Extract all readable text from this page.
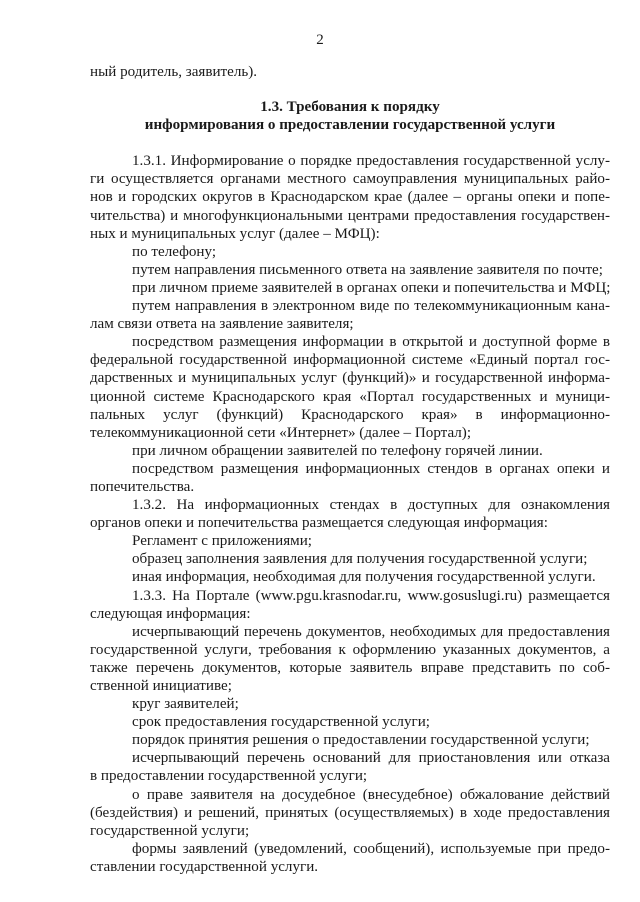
2
ный родитель, заявитель).
1.3. Требования к порядку
информирования о предоставлении государственной услуги
1.3.1. Информирование о порядке предоставления государственной услу-
ги осуществляется органами местного самоуправления муниципальных райо-
нов и городских округов в Краснодарском крае (далее – органы опеки и попе-
чительства) и многофункциональными центрами предоставления государствен-
ных и муниципальных услуг (далее – МФЦ):
по телефону;
путем направления письменного ответа на заявление заявителя по почте;
при личном приеме заявителей в органах опеки и попечительства и МФЦ;
путем направления в электронном виде по телекоммуникационным кана-
лам связи ответа на заявление заявителя;
посредством размещения информации в открытой и доступной форме в
федеральной государственной информационной системе «Единый портал гос-
дарственных и муниципальных услуг (функций)» и государственной информа-
ционной системе Краснодарского края «Портал государственных и муници-
пальных услуг (функций) Краснодарского края» в информационно-
телекоммуникационной сети «Интернет» (далее – Портал);
при личном обращении заявителей по телефону горячей линии.
посредством размещения информационных стендов в органах опеки и
попечительства.
1.3.2. На информационных стендах в доступных для ознакомления
органов опеки и попечительства размещается следующая информация:
Регламент с приложениями;
образец заполнения заявления для получения государственной услуги;
иная информация, необходимая для получения государственной услуги.
1.3.3. На Портале (www.pgu.krasnodar.ru, www.gosuslugi.ru) размещается
следующая информация:
исчерпывающий перечень документов, необходимых для предоставления
государственной услуги, требования к оформлению указанных документов, а
также перечень документов, которые заявитель вправе представить по соб-
ственной инициативе;
круг заявителей;
срок предоставления государственной услуги;
порядок принятия решения о предоставлении государственной услуги;
исчерпывающий перечень оснований для приостановления или отказа
в предоставлении государственной услуги;
о праве заявителя на досудебное (внесудебное) обжалование действий
(бездействия) и решений, принятых (осуществляемых) в ходе предоставления
государственной услуги;
формы заявлений (уведомлений, сообщений), используемые при предо-
ставлении государственной услуги.
